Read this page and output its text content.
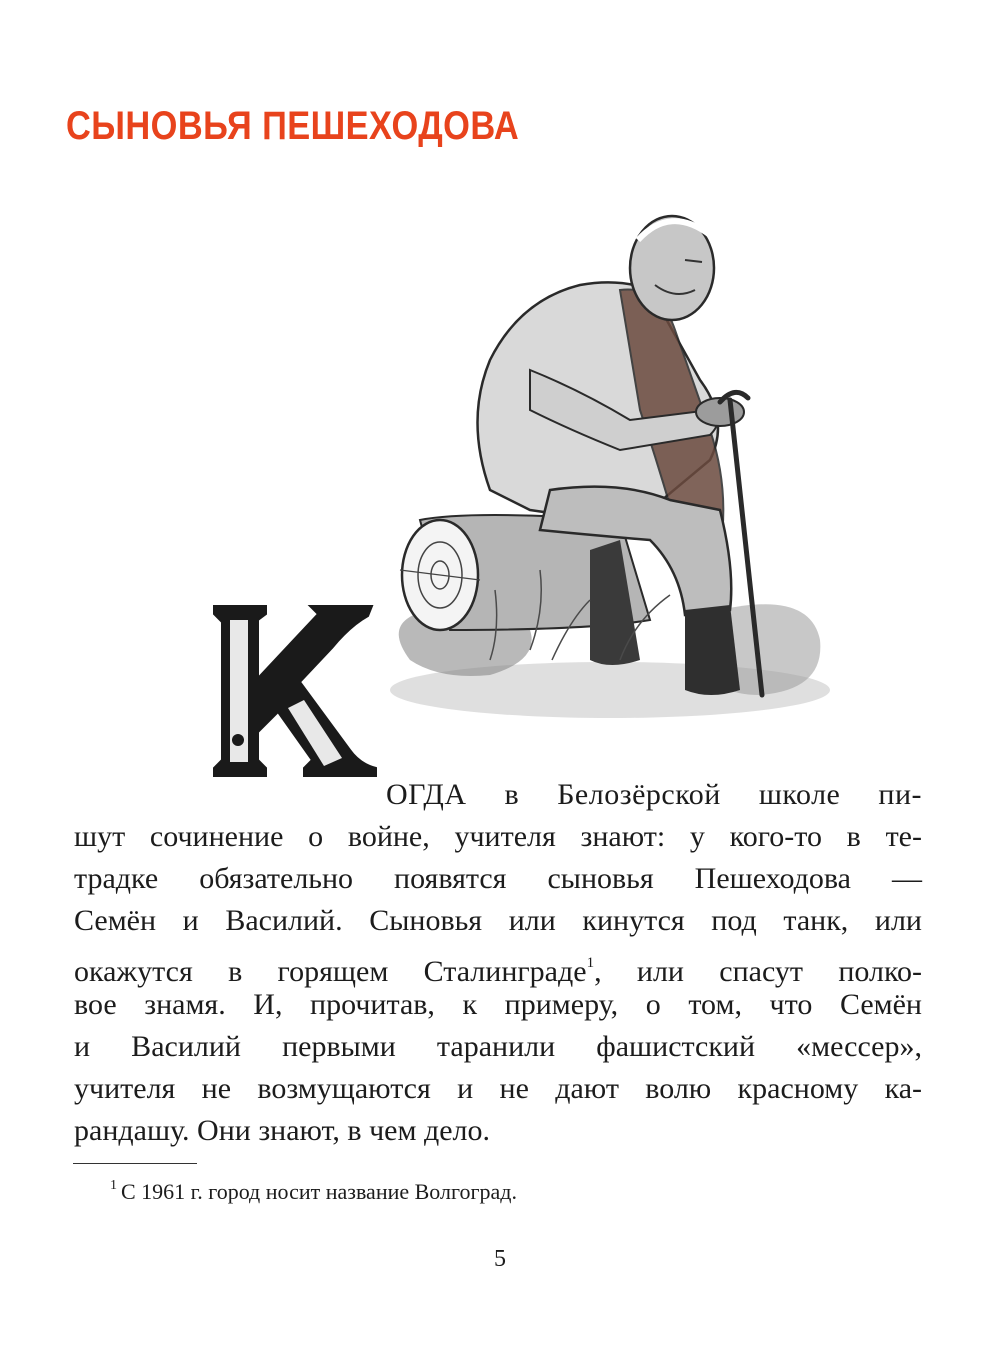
СЫНОВЬЯ ПЕШЕХОДОВА
ОГДА в Белозёрской школе пи-
шут сочинение о войне, учителя знают: у кого-то в те-
традке обязательно появятся сыновья Пешеходова —
Семён и Василий. Сыновья или кинутся под танк, или
окажутся в горящем Сталинграде$^1$, или спасут полко-
вое знамя. И, прочитав, к примеру, о том, что Семён
и Василий первыми таранили фашистский «мессер»,
учителя не возмущаются и не дают волю красному ка-
рандашу. Они знают, в чем дело.
$^1$ С 1961 г. город носит название Волгоград.
5
